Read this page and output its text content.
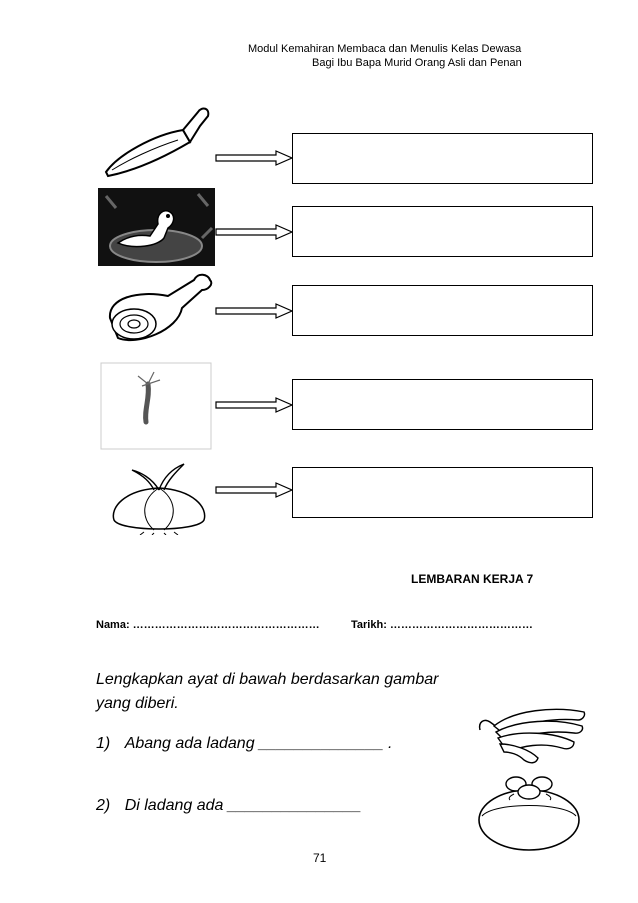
Modul Kemahiran Membaca dan Menulis Kelas Dewasa
Bagi Ibu Bapa Murid Orang Asli dan Penan
LEMBARAN KERJA 7
Nama: ……………………………………………	Tarikh: …………………………………
Lengkapkan ayat di bawah berdasarkan gambar
yang diberi.
1) Abang ada ladang ______________ .
2) Di ladang ada _______________
71
